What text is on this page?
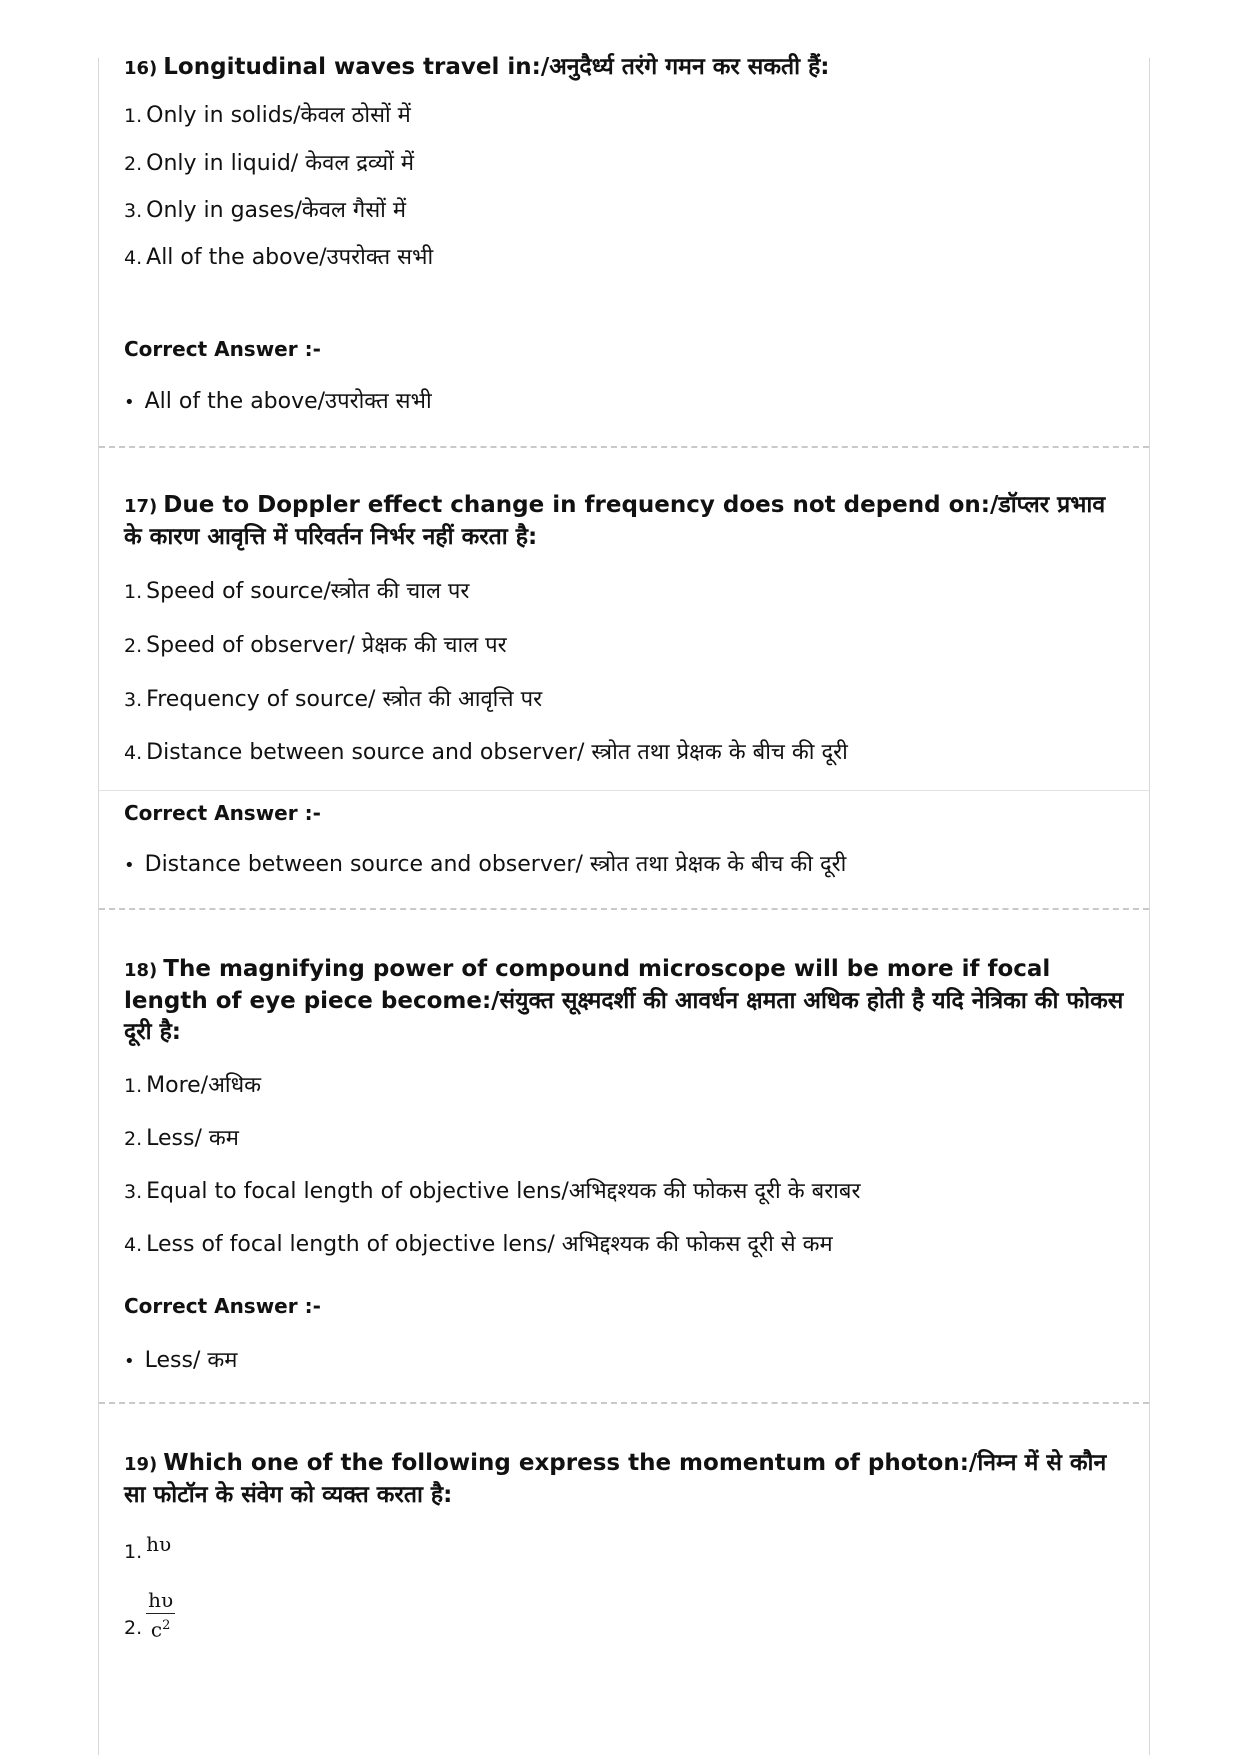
16) Longitudinal waves travel in:/अनुदैर्ध्य तरंगे गमन कर सकती हैं:

1. Only in solids/केवल ठोसों में
2. Only in liquid/ केवल द्रव्यों में
3. Only in gases/केवल गैसों में
4. All of the above/उपरोक्त सभी
Correct Answer :-
• All of the above/उपरोक्त सभी

17) Due to Doppler effect change in frequency does not depend on:/डॉप्लर प्रभाव के कारण आवृत्ति में परिवर्तन निर्भर नहीं करता है:

1. Speed of source/स्त्रोत की चाल पर
2. Speed of observer/ प्रेक्षक की चाल पर
3. Frequency of source/ स्त्रोत की आवृत्ति पर
4. Distance between source and observer/ स्त्रोत तथा प्रेक्षक के बीच की दूरी
Correct Answer :-
• Distance between source and observer/ स्त्रोत तथा प्रेक्षक के बीच की दूरी

18) The magnifying power of compound microscope will be more if focal length of eye piece become:/संयुक्त सूक्ष्मदर्शी की आवर्धन क्षमता अधिक होती है यदि नेत्रिका की फोकस दूरी है:

1. More/अधिक
2. Less/ कम
3. Equal to focal length of objective lens/अभिद्दश्यक की फोकस दूरी के बराबर
4. Less of focal length of objective lens/ अभिद्दश्यक की फोकस दूरी से कम
Correct Answer :-
• Less/ कम

19) Which one of the following express the momentum of photon:/निम्न में से कौन सा फोटॉन के संवेग को व्यक्त करता है:

1. hυ
2. $\frac{h\upsilon}{c^2}$
